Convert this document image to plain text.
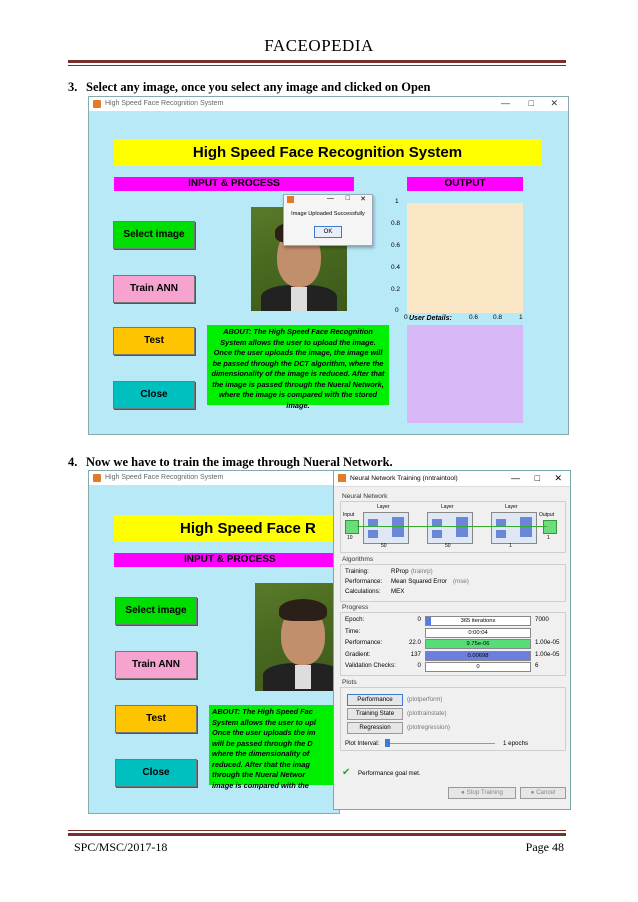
FACEOPEDIA
3. Select any image, once you select any image and clicked on Open
High Speed Face Recognition System	— □ ✕
High Speed Face Recognition System
INPUT & PROCESS	OUTPUT
Select image
Train ANN
Test
Close
ABOUT: The High Speed Face Recognition System allows the user to upload the image. Once the user uploads the image, the image will be passed through the DCT algorithm, where the dimensionality of the image is reduced. After that the image is passed through the Nueral Network, where the image is compared with the stored image.
1
0.8
0.6
0.4
0.2
0
0	0.6 0.8	1
User Details:
— □ ✕
Image Uploaded Successfully
OK
4. Now we have to train the image through Nueral Network.
High Speed Face Recognition System
High Speed Face R
INPUT & PROCESS
Select image
Train ANN
Test
Close
ABOUT: The High Speed Fac
System allows the user to upl
Once the user uploads the im
will be passed through the D
where the dimensionality of
reduced. After that the imag
through the Nueral Networ
image is compared with the
Neural Network Training (nntraintool)	— □ ✕
Neural Network
Input
10
Layer
50
Layer
50
Layer
1
Output
1
Algorithms
Training:	RProp (trainrp)
Performance: Mean Squared Error (mse)
Calculations: MEX
Progress
Epoch:	0	365 iterations	7000
Time:	0:00:04
Performance:	22.0	9.75e-06	1.00e-05
Gradient:	137	0.00698	1.00e-05
Validation Checks:	0	0	6
Plots
Performance	(plotperform)
Training State	(plottrainstate)
Regression	(plotregression)
Plot Interval:	1 epochs
✔ Performance goal met.
● Stop Training	● Cancel
SPC/MSC/2017-18	Page 48
